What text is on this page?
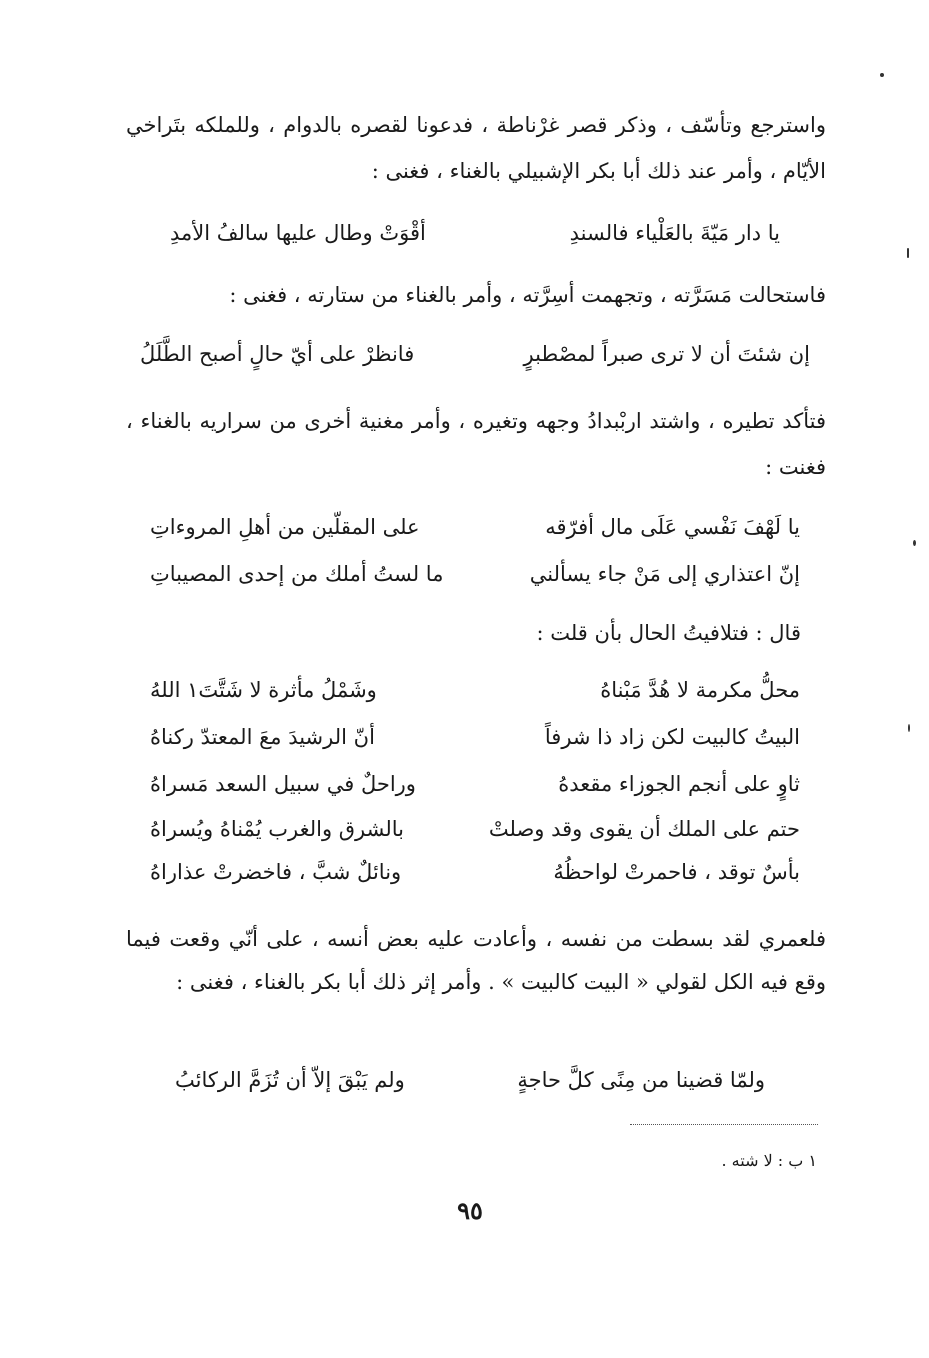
واسترجع وتأسّف ، وذكر قصر غرْناطة ، فدعونا لقصره بالدوام ، وللملكه بتَراخي الأيّام ، وأمر عند ذلك أبا بكر الإشبيلي بالغناء ، فغنى :

يا دار مَيّةَ بالعَلْياء فالسندِ
أقْوَتْ وطال عليها سالفُ الأمدِ

فاستحالت مَسَرَّته ، وتجهمت أسِرَّته ، وأمر بالغناء من ستارته ، فغنى :

إن شئتَ أن لا ترى صبراً لمصْطبرٍ
فانظرْ على أيّ حالٍ أصبح الطَّلَلُ

فتأكد تطيره ، واشتد اربْبدادُ وجهه وتغيره ، وأمر مغنية أخرى من سراريه بالغناء ، فغنت :

يا لَهْفَ نَفْسي عَلَى مال أفرّقه
على المقلّين من أهلِ المروءاتِ
إنّ اعتذاري إلى مَنْ جاء يسألني
ما لستُ أملك من إحدى المصيباتِ

قال : فتلافيتُ الحال بأن قلت :

محلُّ مكرمة لا هُدَّ مَبْناهُ
وشَمْلُ مأثرة لا شَتَّتَ١ اللهُ
البيتُ كالبيت لكن زاد ذا شرفاً
أنّ الرشيدَ معَ المعتدّ ركناهُ
ثاوٍ على أنجم الجوزاء مقعدهُ
وراحلٌ في سبيل السعد مَسراهُ
حتم على الملك أن يقوى وقد وصلتْ
بالشرق والغرب يُمْناهُ ويُسراهُ
بأسٌ توقد ، فاحمرتْ لواحظُهُ
ونائلٌ شبَّ ، فاخضرتْ عذاراهُ

فلعمري لقد بسطت من نفسه ، وأعادت عليه بعض أنسه ، على أنّي وقعت فيما وقع فيه الكل لقولي « البيت كالبيت » . وأمر إثر ذلك أبا بكر بالغناء ، فغنى :

ولمّا قضينا من مِنًى كلَّ حاجةٍ
ولم يَبْقَ إلاّ أن تُزَمَّ الركائبُ

١ ب : لا شته .

٩٥
